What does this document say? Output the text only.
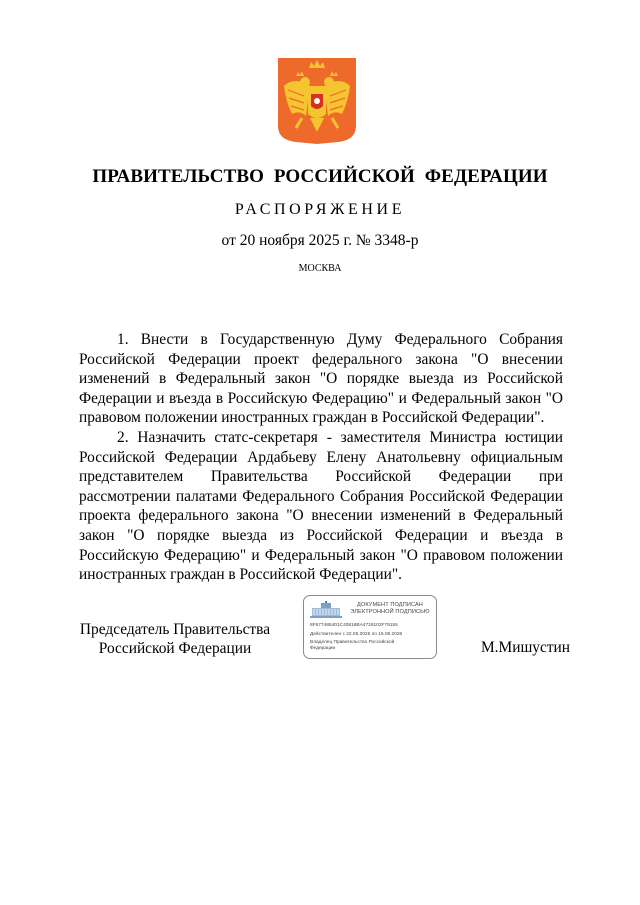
ПРАВИТЕЛЬСТВО РОССИЙСКОЙ ФЕДЕРАЦИИ
РАСПОРЯЖЕНИЕ
от 20 ноября 2025 г. № 3348-р
МОСКВА

1. Внести в Государственную Думу Федерального Собрания Российской Федерации проект федерального закона "О внесении изменений в Федеральный закон "О порядке выезда из Российской Федерации и въезда в Российскую Федерацию" и Федеральный закон "О правовом положении иностранных граждан в Российской Федерации".

2. Назначить статс-секретаря - заместителя Министра юстиции Российской Федерации Ардабьеву Елену Анатольевну официальным представителем Правительства Российской Федерации при рассмотрении палатами Федерального Собрания Российской Федерации проекта федерального закона "О внесении изменений в Федеральный закон "О порядке выезда из Российской Федерации и въезда в Российскую Федерацию" и Федеральный закон "О правовом положении иностранных граждан в Российской Федерации".

Председатель Правительства
Российской Федерации
ДОКУМЕНТ ПОДПИСАН
ЭЛЕКТРОННОЙ ПОДПИСЬЮ
8F677485401C40818BA4726102F79155
Действителен с 22.05.2025 по 15.08.2026
Владелец Правительство Российской
Федерации	М.Мишустин
